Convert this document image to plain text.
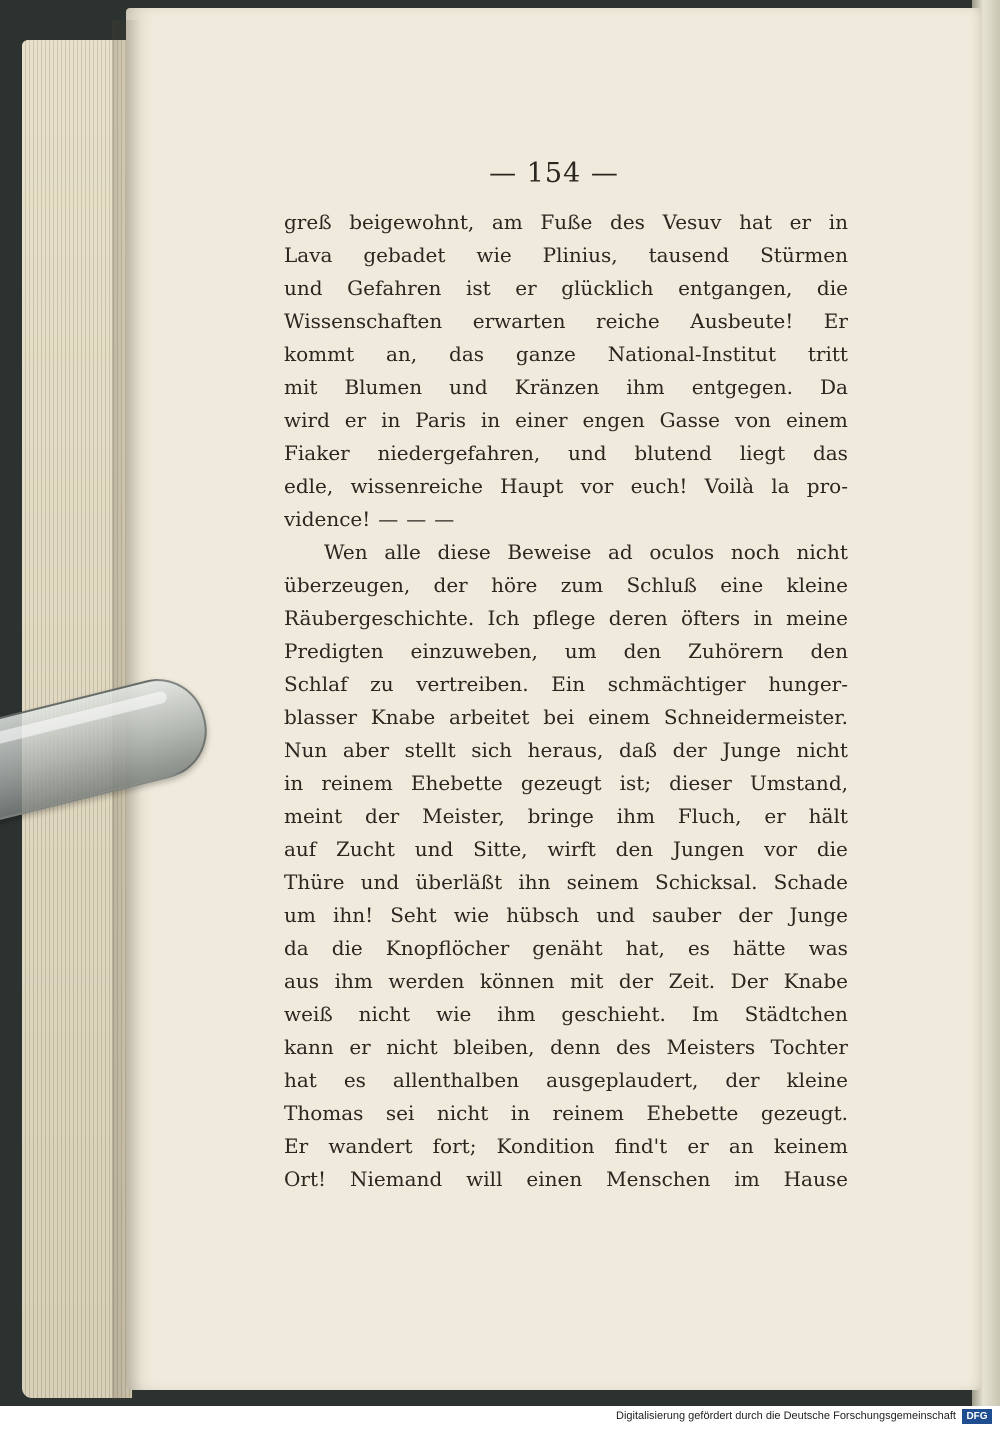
— 154 —
greß beigewohnt, am Fuße des Vesuv hat er in
Lava gebadet wie Plinius, tausend Stürmen
und Gefahren ist er glücklich entgangen, die
Wissenschaften erwarten reiche Ausbeute! Er
kommt an, das ganze National-Institut tritt
mit Blumen und Kränzen ihm entgegen. Da
wird er in Paris in einer engen Gasse von einem
Fiaker niedergefahren, und blutend liegt das
edle, wissenreiche Haupt vor euch! Voilà la pro-
vidence! — — —
Wen alle diese Beweise ad oculos noch nicht
überzeugen, der höre zum Schluß eine kleine
Räubergeschichte. Ich pflege deren öfters in meine
Predigten einzuweben, um den Zuhörern den
Schlaf zu vertreiben. Ein schmächtiger hunger-
blasser Knabe arbeitet bei einem Schneidermeister.
Nun aber stellt sich heraus, daß der Junge nicht
in reinem Ehebette gezeugt ist; dieser Umstand,
meint der Meister, bringe ihm Fluch, er hält
auf Zucht und Sitte, wirft den Jungen vor die
Thüre und überläßt ihn seinem Schicksal. Schade
um ihn! Seht wie hübsch und sauber der Junge
da die Knopflöcher genäht hat, es hätte was
aus ihm werden können mit der Zeit. Der Knabe
weiß nicht wie ihm geschieht. Im Städtchen
kann er nicht bleiben, denn des Meisters Tochter
hat es allenthalben ausgeplaudert, der kleine
Thomas sei nicht in reinem Ehebette gezeugt.
Er wandert fort; Kondition find't er an keinem
Ort! Niemand will einen Menschen im Hause
Digitalisierung gefördert durch die Deutsche Forschungsgemeinschaft	DFG
